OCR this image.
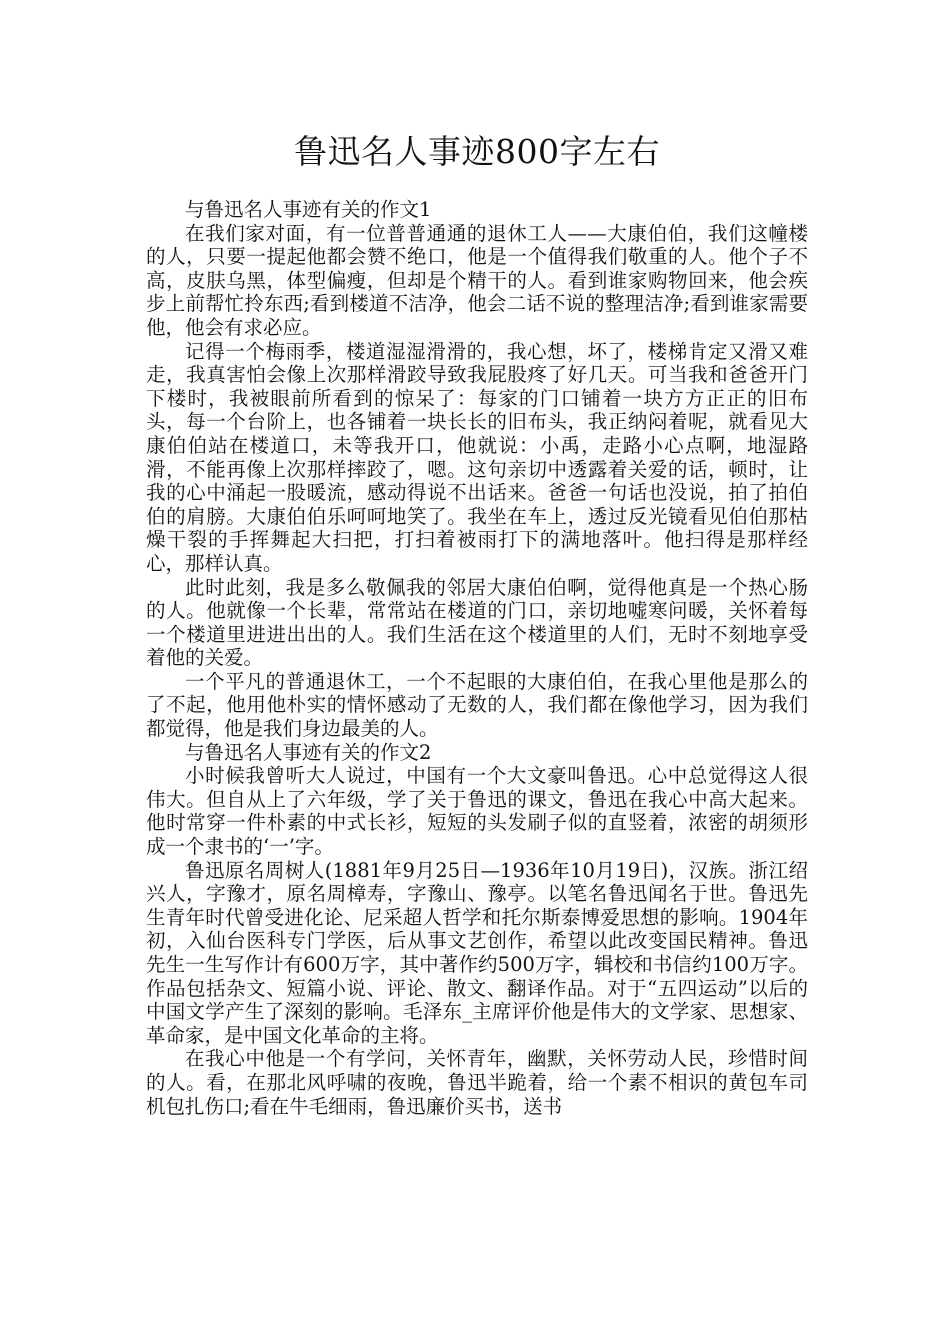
鲁迅名人事迹800字左右

与鲁迅名人事迹有关的作文1

在我们家对面，有一位普普通通的退休工人——大康伯伯，我们这幢楼的人，只要一提起他都会赞不绝口，他是一个值得我们敬重的人。他个子不高，皮肤乌黑，体型偏瘦，但却是个精干的人。看到谁家购物回来，他会疾步上前帮忙拎东西;看到楼道不洁净，他会二话不说的整理洁净;看到谁家需要他，他会有求必应。

记得一个梅雨季，楼道湿湿滑滑的，我心想，坏了，楼梯肯定又滑又难走，我真害怕会像上次那样滑跤导致我屁股疼了好几天。可当我和爸爸开门下楼时，我被眼前所看到的惊呆了：每家的门口铺着一块方方正正的旧布头，每一个台阶上，也各铺着一块长长的旧布头，我正纳闷着呢，就看见大康伯伯站在楼道口，未等我开口，他就说：小禹，走路小心点啊，地湿路滑，不能再像上次那样摔跤了，嗯。这句亲切中透露着关爱的话，顿时，让我的心中涌起一股暖流，感动得说不出话来。爸爸一句话也没说，拍了拍伯伯的肩膀。大康伯伯乐呵呵地笑了。我坐在车上，透过反光镜看见伯伯那枯燥干裂的手挥舞起大扫把，打扫着被雨打下的满地落叶。他扫得是那样经心，那样认真。

此时此刻，我是多么敬佩我的邻居大康伯伯啊，觉得他真是一个热心肠的人。他就像一个长辈，常常站在楼道的门口，亲切地嘘寒问暖，关怀着每一个楼道里进进出出的人。我们生活在这个楼道里的人们，无时不刻地享受着他的关爱。

一个平凡的普通退休工，一个不起眼的大康伯伯，在我心里他是那么的了不起，他用他朴实的情怀感动了无数的人，我们都在像他学习，因为我们都觉得，他是我们身边最美的人。

与鲁迅名人事迹有关的作文2

小时候我曾听大人说过，中国有一个大文豪叫鲁迅。心中总觉得这人很伟大。但自从上了六年级，学了关于鲁迅的课文，鲁迅在我心中高大起来。他时常穿一件朴素的中式长衫，短短的头发刷子似的直竖着，浓密的胡须形成一个隶书的‘一’字。

鲁迅原名周树人(1881年9月25日—1936年10月19日)，汉族。浙江绍兴人，字豫才，原名周樟寿，字豫山、豫亭。以笔名鲁迅闻名于世。鲁迅先生青年时代曾受进化论、尼采超人哲学和托尔斯泰博爱思想的影响。1904年初，入仙台医科专门学医，后从事文艺创作，希望以此改变国民精神。鲁迅先生一生写作计有600万字，其中著作约500万字，辑校和书信约100万字。作品包括杂文、短篇小说、评论、散文、翻译作品。对于“五四运动”以后的中国文学产生了深刻的影响。毛泽东_主席评价他是伟大的文学家、思想家、革命家，是中国文化革命的主将。

在我心中他是一个有学问，关怀青年，幽默，关怀劳动人民，珍惜时间的人。看，在那北风呼啸的夜晚，鲁迅半跪着，给一个素不相识的黄包车司机包扎伤口;看在牛毛细雨，鲁迅廉价买书，送书
